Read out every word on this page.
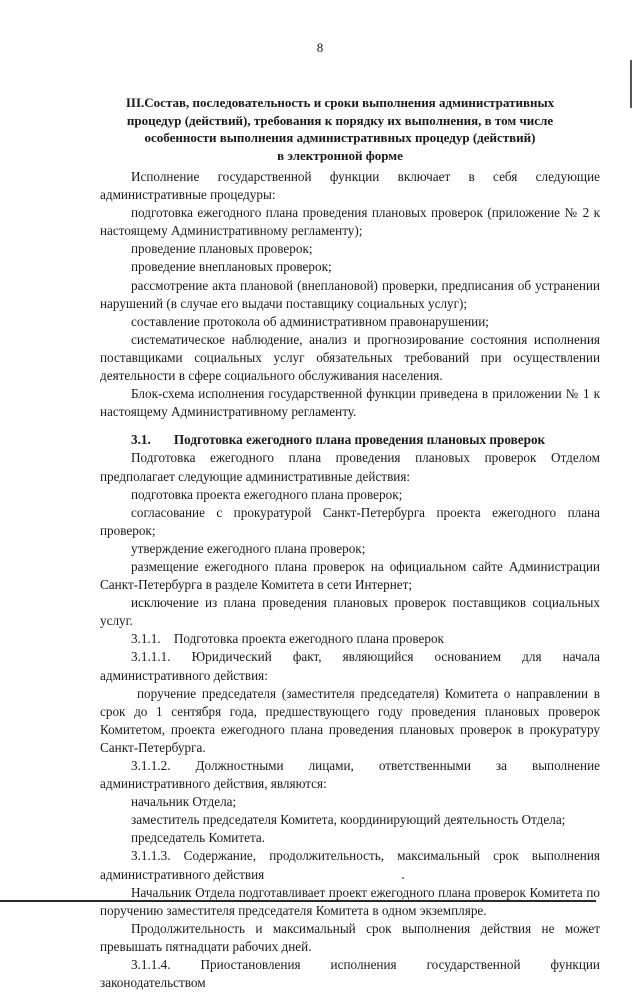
8
III.Состав, последовательность и сроки выполнения административных
процедур (действий), требования к порядку их выполнения, в том числе
особенности выполнения административных процедур (действий)
в электронной форме

Исполнение государственной функции включает в себя следующие административные процедуры:

подготовка ежегодного плана проведения плановых проверок (приложение № 2 к настоящему Административному регламенту);

проведение плановых проверок;

проведение внеплановых проверок;

рассмотрение акта плановой (внеплановой) проверки, предписания об устранении нарушений (в случае его выдачи поставщику социальных услуг);

составление протокола об административном правонарушении;

систематическое наблюдение, анализ и прогнозирование состояния исполнения поставщиками социальных услуг обязательных требований при осуществлении деятельности в сфере социального обслуживания населения.

Блок-схема исполнения государственной функции приведена в приложении № 1 к настоящему Административному регламенту.

3.1.       Подготовка ежегодного плана проведения плановых проверок

Подготовка ежегодного плана проведения плановых проверок Отделом предполагает следующие административные действия:

подготовка проекта ежегодного плана проверок;

согласование с прокуратурой Санкт-Петербурга проекта ежегодного плана проверок;

утверждение ежегодного плана проверок;

размещение ежегодного плана проверок на официальном сайте Администрации Санкт-Петербурга в разделе Комитета в сети Интернет;

исключение из плана проведения плановых проверок поставщиков социальных услуг.

3.1.1.    Подготовка проекта ежегодного плана проверок

3.1.1.1. Юридический факт, являющийся основанием для начала административного действия:

поручение председателя (заместителя председателя) Комитета о направлении в срок до 1 сентября года, предшествующего году проведения плановых проверок Комитетом, проекта ежегодного плана проведения плановых проверок в прокуратуру Санкт-Петербурга.

3.1.1.2. Должностными лицами, ответственными за выполнение административного действия, являются:

начальник Отдела;

заместитель председателя Комитета, координирующий деятельность Отдела;

председатель Комитета.

3.1.1.3. Содержание, продолжительность, максимальный срок выполнения административного действия

Начальник Отдела подготавливает проект ежегодного плана проверок Комитета по поручению заместителя председателя Комитета в одном экземпляре.

Продолжительность и максимальный срок выполнения действия не может превышать пятнадцати рабочих дней.

3.1.1.4. Приостановления исполнения государственной функции законодательством
